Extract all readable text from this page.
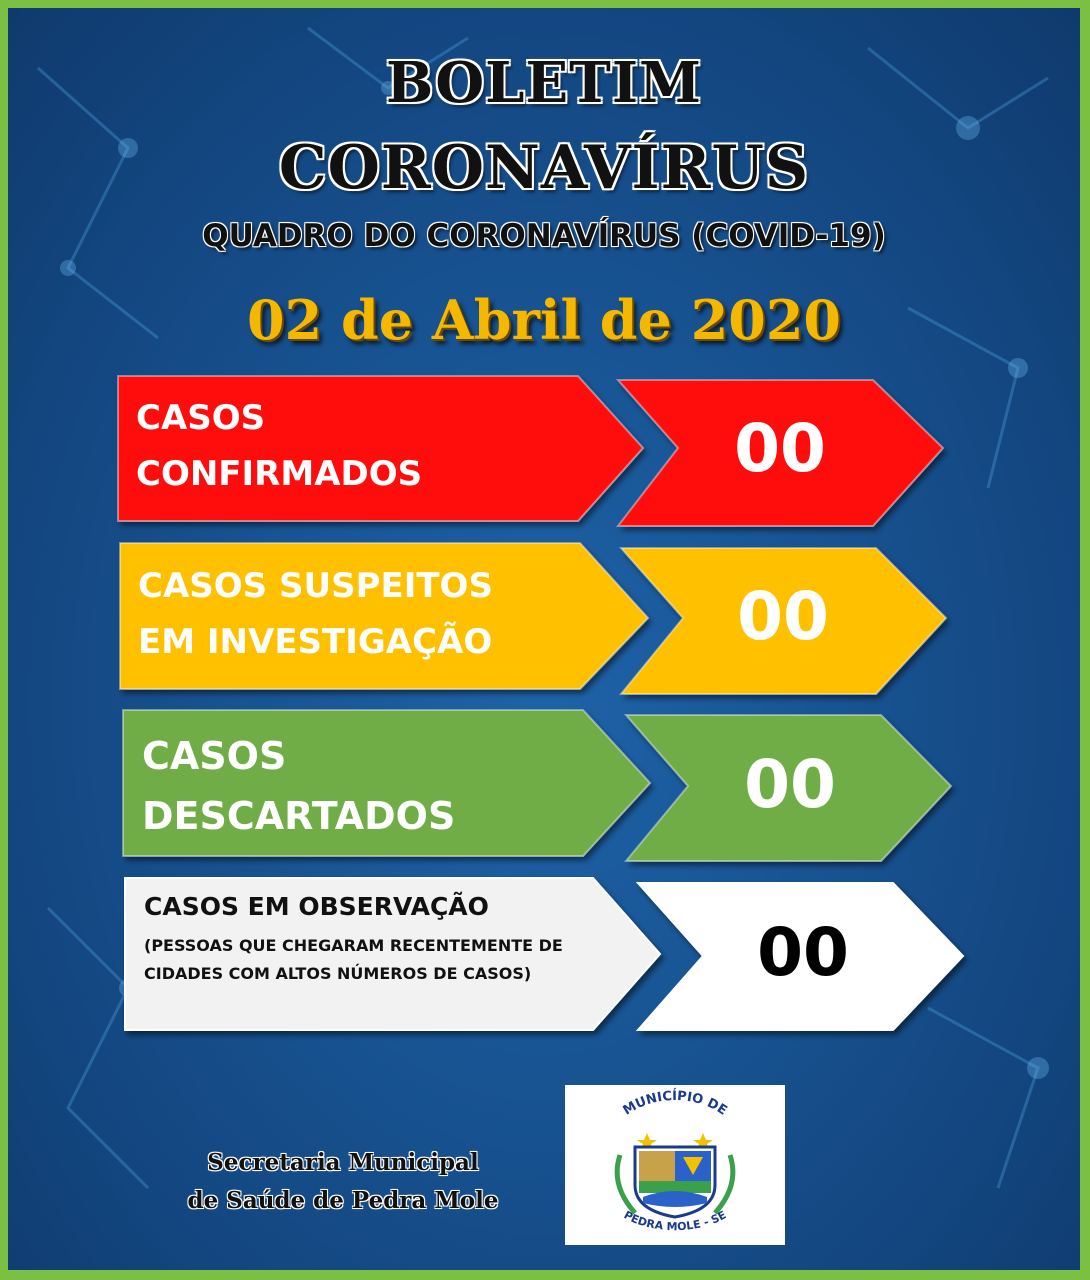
BOLETIM
CORONAVÍRUS
QUADRO DO CORONAVÍRUS (COVID-19)
02 de Abril de 2020
CASOS
CONFIRMADOS	00
CASOS SUSPEITOS
EM INVESTIGAÇÃO	00
CASOS
DESCARTADOS	00
CASOS EM OBSERVAÇÃO
(PESSOAS QUE CHEGARAM RECENTEMENTE DE CIDADES COM ALTOS NÚMEROS DE CASOS)	00
Secretaria Municipal
de Saúde de Pedra Mole
MUNICÍPIO DE
PEDRA MOLE - SE
